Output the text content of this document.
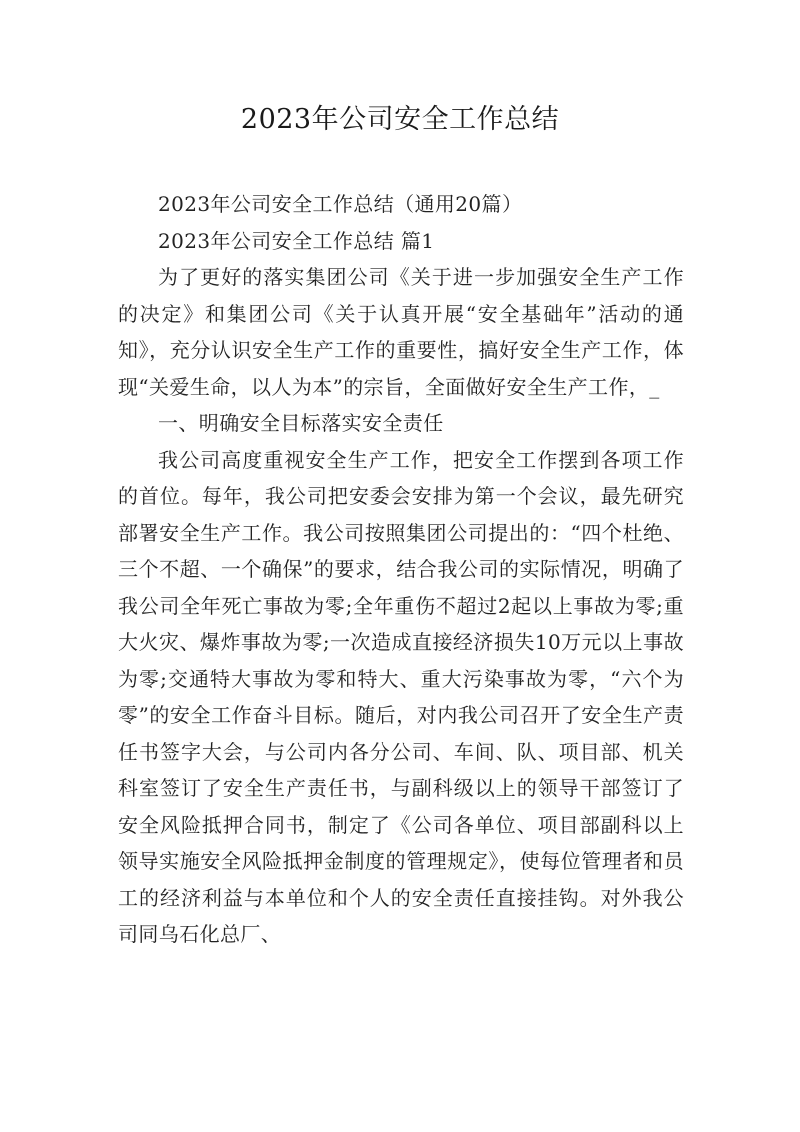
2023年公司安全工作总结

2023年公司安全工作总结（通用20篇）

2023年公司安全工作总结 篇1

为了更好的落实集团公司《关于进一步加强安全生产工作的决定》和集团公司《关于认真开展“安全基础年”活动的通知》，充分认识安全生产工作的重要性，搞好安全生产工作，体现“关爱生命，以人为本”的宗旨，全面做好安全生产工作，_

一、明确安全目标落实安全责任

我公司高度重视安全生产工作，把安全工作摆到各项工作的首位。每年，我公司把安委会安排为第一个会议，最先研究部署安全生产工作。我公司按照集团公司提出的：“四个杜绝、三个不超、一个确保”的要求，结合我公司的实际情况，明确了我公司全年死亡事故为零;全年重伤不超过2起以上事故为零;重大火灾、爆炸事故为零;一次造成直接经济损失10万元以上事故为零;交通特大事故为零和特大、重大污染事故为零，“六个为零”的安全工作奋斗目标。随后，对内我公司召开了安全生产责任书签字大会，与公司内各分公司、车间、队、项目部、机关科室签订了安全生产责任书，与副科级以上的领导干部签订了安全风险抵押合同书，制定了《公司各单位、项目部副科以上领导实施安全风险抵押金制度的管理规定》，使每位管理者和员工的经济利益与本单位和个人的安全责任直接挂钩。对外我公司同乌石化总厂、
